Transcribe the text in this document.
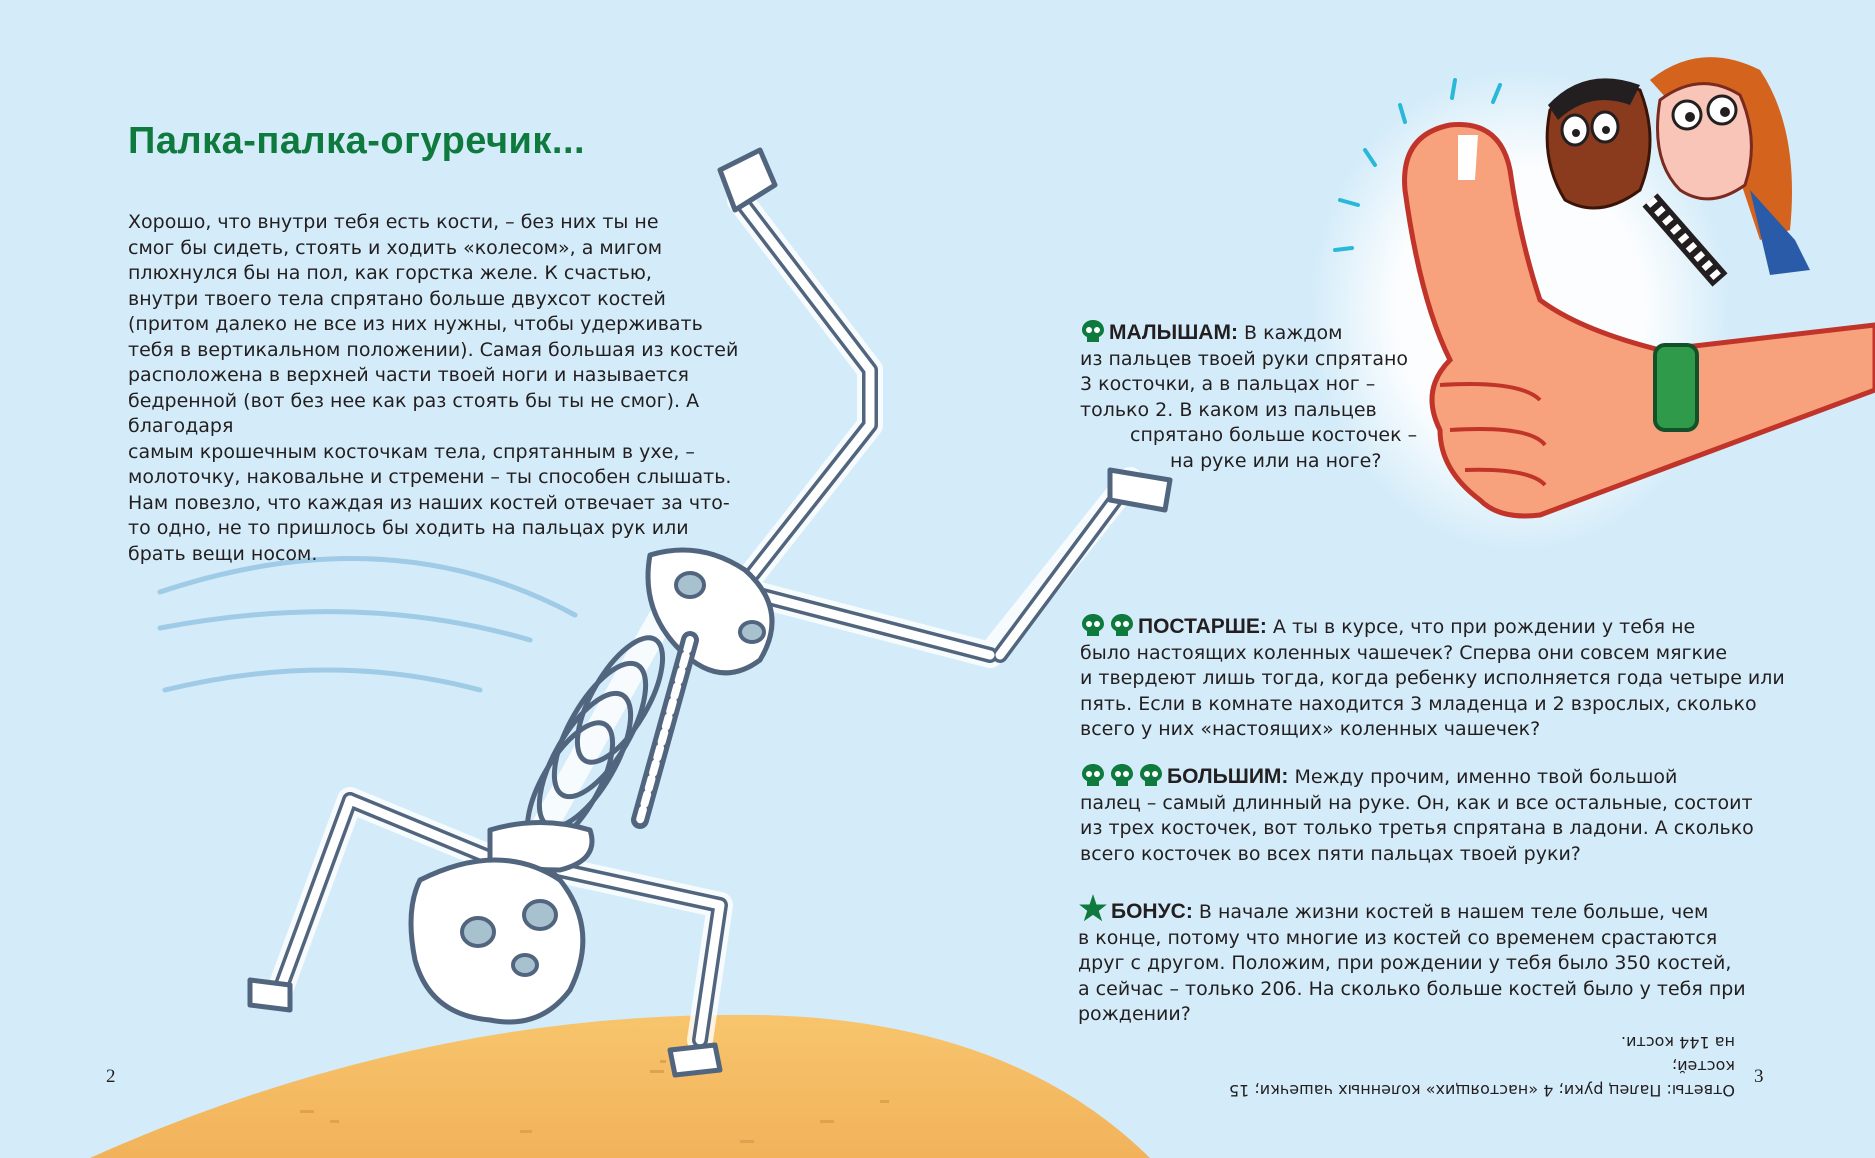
Палка-палка-огуречик...
Хорошо, что внутри тебя есть кости, – без них ты не
смог бы сидеть, стоять и ходить «колесом», а мигом
плюхнулся бы на пол, как горстка желе. К счастью,
внутри твоего тела спрятано больше двухсот костей
(притом далеко не все из них нужны, чтобы удерживать
тебя в вертикальном положении). Самая большая из костей
расположена в верхней части твоей ноги и называется
бедренной (вот без нее как раз стоять бы ты не смог). А благодаря
самым крошечным косточкам тела, спрятанным в ухе, –
молоточку, наковальне и стремени – ты способен слышать.
Нам повезло, что каждая из наших костей отвечает за что-
то одно, не то пришлось бы ходить на пальцах рук или
брать вещи носом.
МАЛЫШАМ: В каждом
из пальцев твоей руки спрятано
3 косточки, а в пальцах ног –
только 2. В каком из пальцев
спрятано больше косточек –
на руке или на ноге?
ПОСТАРШЕ: А ты в курсе, что при рождении у тебя не
было настоящих коленных чашечек? Сперва они совсем мягкие
и твердеют лишь тогда, когда ребенку исполняется года четыре или
пять. Если в комнате находится 3 младенца и 2 взрослых, сколько
всего у них «настоящих» коленных чашечек?
БОЛЬШИМ: Между прочим, именно твой большой
палец – самый длинный на руке. Он, как и все остальные, состоит
из трех косточек, вот только третья спрятана в ладони. А сколько
всего косточек во всех пяти пальцах твоей руки?
БОНУС: В начале жизни костей в нашем теле больше, чем
в конце, потому что многие из костей со временем срастаются
друг с другом. Положим, при рождении у тебя было 350 костей,
а сейчас – только 206. На сколько больше костей было у тебя при
рождении?
Ответы: Палец руки; 4 «настоящих» коленных чашечки; 15 костей;
на 144 кости.
2	3
